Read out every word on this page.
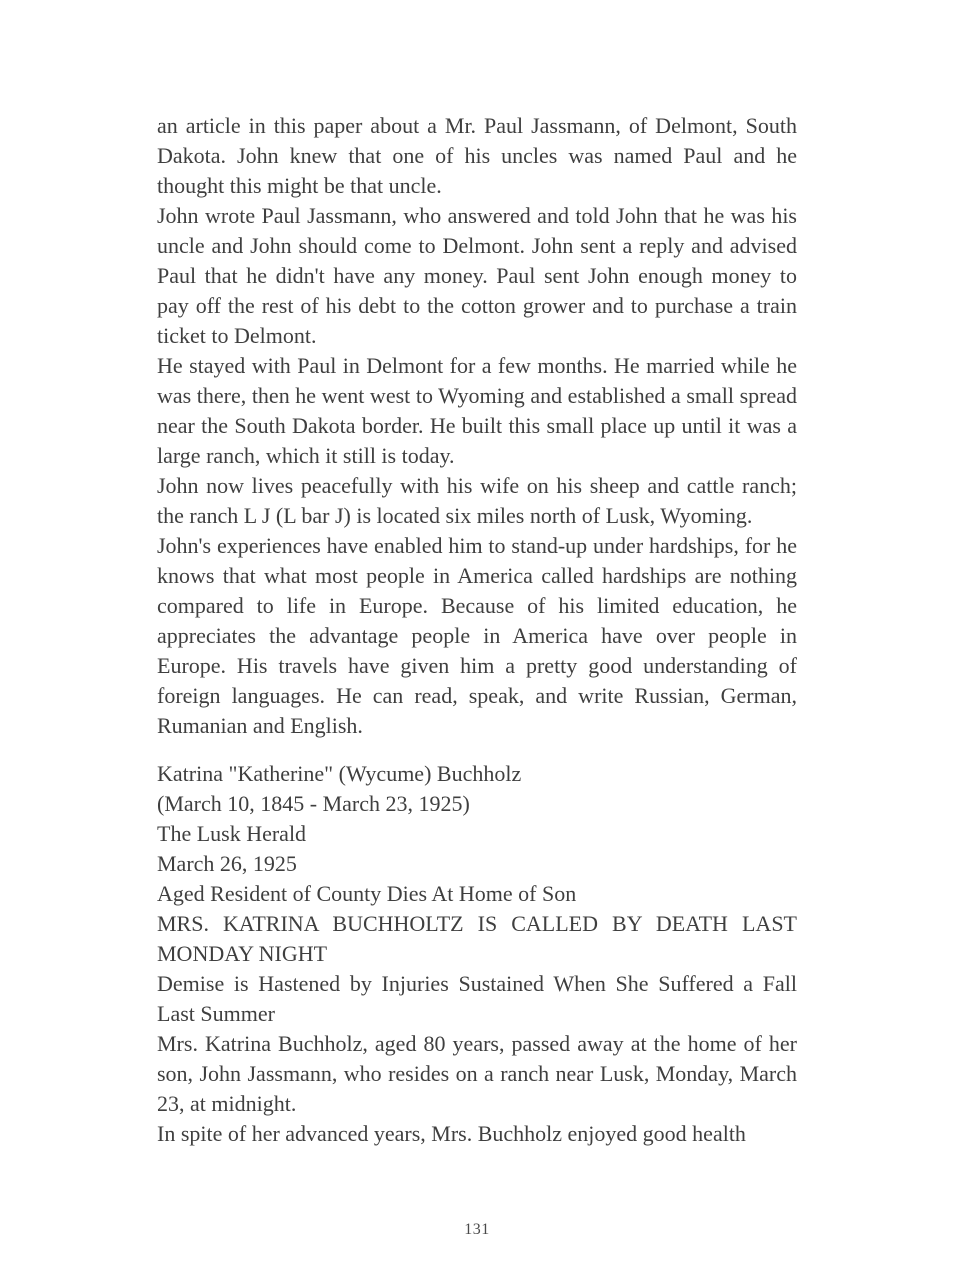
an article in this paper about a Mr. Paul Jassmann, of Delmont, South Dakota. John knew that one of his uncles was named Paul and he thought this might be that uncle.

John wrote Paul Jassmann, who answered and told John that he was his uncle and John should come to Delmont. John sent a reply and advised Paul that he didn't have any money. Paul sent John enough money to pay off the rest of his debt to the cotton grower and to purchase a train ticket to Delmont.

He stayed with Paul in Delmont for a few months. He married while he was there, then he went west to Wyoming and established a small spread near the South Dakota border. He built this small place up until it was a large ranch, which it still is today.

John now lives peacefully with his wife on his sheep and cattle ranch; the ranch L J (L bar J) is located six miles north of Lusk, Wyoming.

John's experiences have enabled him to stand-up under hardships, for he knows that what most people in America called hardships are nothing compared to life in Europe. Because of his limited education, he appreciates the advantage people in America have over people in Europe. His travels have given him a pretty good understanding of foreign languages. He can read, speak, and write Russian, German, Rumanian and English.

Katrina "Katherine" (Wycume) Buchholz

(March 10, 1845 - March 23, 1925)

The Lusk Herald

March 26, 1925

Aged Resident of County Dies At Home of Son

MRS. KATRINA BUCHHOLTZ IS CALLED BY DEATH LAST MONDAY NIGHT

Demise is Hastened by Injuries Sustained When She Suffered a Fall Last Summer

Mrs. Katrina Buchholz, aged 80 years, passed away at the home of her son, John Jassmann, who resides on a ranch near Lusk, Monday, March 23, at midnight.

In spite of her advanced years, Mrs. Buchholz enjoyed good health

131
